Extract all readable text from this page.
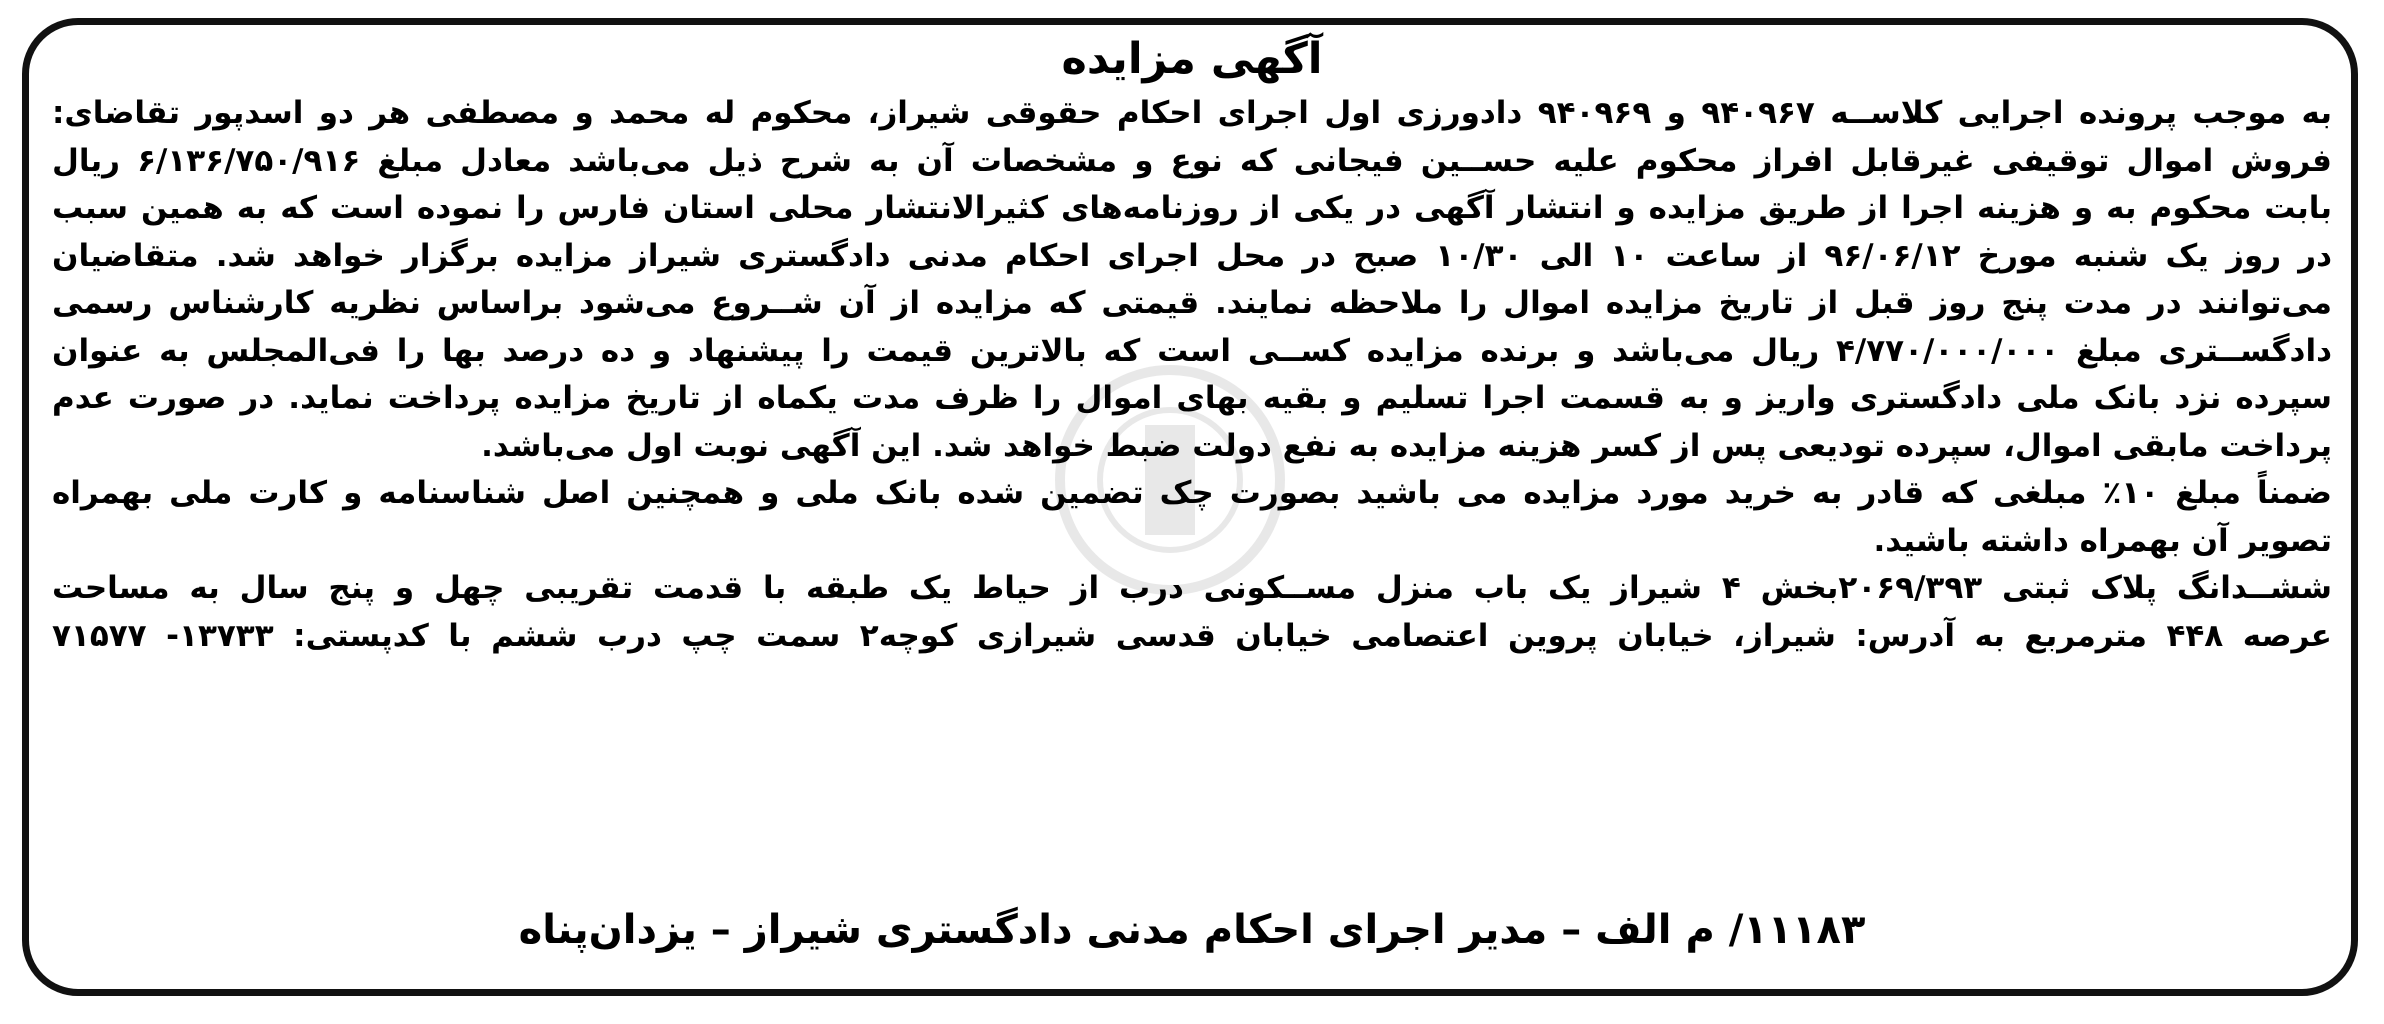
آگهی مزایده
به موجب پرونده اجرایی کلاســه ۹۴۰۹۶۷ و ۹۴۰۹۶۹ دادورزی اول اجرای احکام حقوقی شیراز، محکوم له محمد و مصطفی هر دو اسدپور تقاضای:
فروش اموال توقیفی غیرقابل افراز محکوم علیه حســین فیجانی که نوع و مشخصات آن به شرح ذیل می‌باشد معادل مبلغ ۶/۱۳۶/۷۵۰/۹۱۶ ریال
بابت محکوم به و هزینه اجرا از طریق مزایده و انتشار آگهی در یکی از روزنامه‌های کثیرالانتشار محلی استان فارس را نموده است که به همین سبب
در روز یک شنبه مورخ ۹۶/۰۶/۱۲ از ساعت ۱۰ الی ۱۰/۳۰ صبح در محل اجرای احکام مدنی دادگستری شیراز مزایده برگزار خواهد شد. متقاضیان
می‌توانند در مدت پنج روز قبل از تاریخ مزایده اموال را ملاحظه نمایند. قیمتی که مزایده از آن شــروع می‌شود براساس نظریه کارشناس رسمی
دادگســتری مبلغ ۴/۷۷۰/۰۰۰/۰۰۰ ریال می‌باشد و برنده مزایده کســی است که بالاترین قیمت را پیشنهاد و ده درصد بها را فی‌المجلس به عنوان
سپرده نزد بانک ملی دادگستری واریز و به قسمت اجرا تسلیم و بقیه بهای اموال را ظرف مدت یکماه از تاریخ مزایده پرداخت نماید. در صورت عدم
پرداخت مابقی اموال، سپرده تودیعی پس از کسر هزینه مزایده به نفع دولت ضبط خواهد شد. این آگهی نوبت اول می‌باشد.
ضمناً مبلغ ۱۰٪ مبلغی که قادر به خرید مورد مزایده می باشید بصورت چک تضمین شده بانک ملی و همچنین اصل شناسنامه و کارت ملی بهمراه
تصویر آن بهمراه داشته باشید.
ششــدانگ پلاک ثبتی ۲۰۶۹/۳۹۳بخش ۴ شیراز یک باب منزل مســکونی درب از حیاط یک طبقه با قدمت تقریبی چهل و پنج سال به مساحت
عرصه ۴۴۸ مترمربع به آدرس: شیراز، خیابان پروین اعتصامی خیابان قدسی شیرازی کوچه۲ سمت چپ درب ششم با کدپستی: ۱۳۷۳۳- ۷۱۵۷۷
۱۱۱۸۳/ م الف – مدیر اجرای احکام مدنی دادگستری شیراز – یزدان‌پناه
